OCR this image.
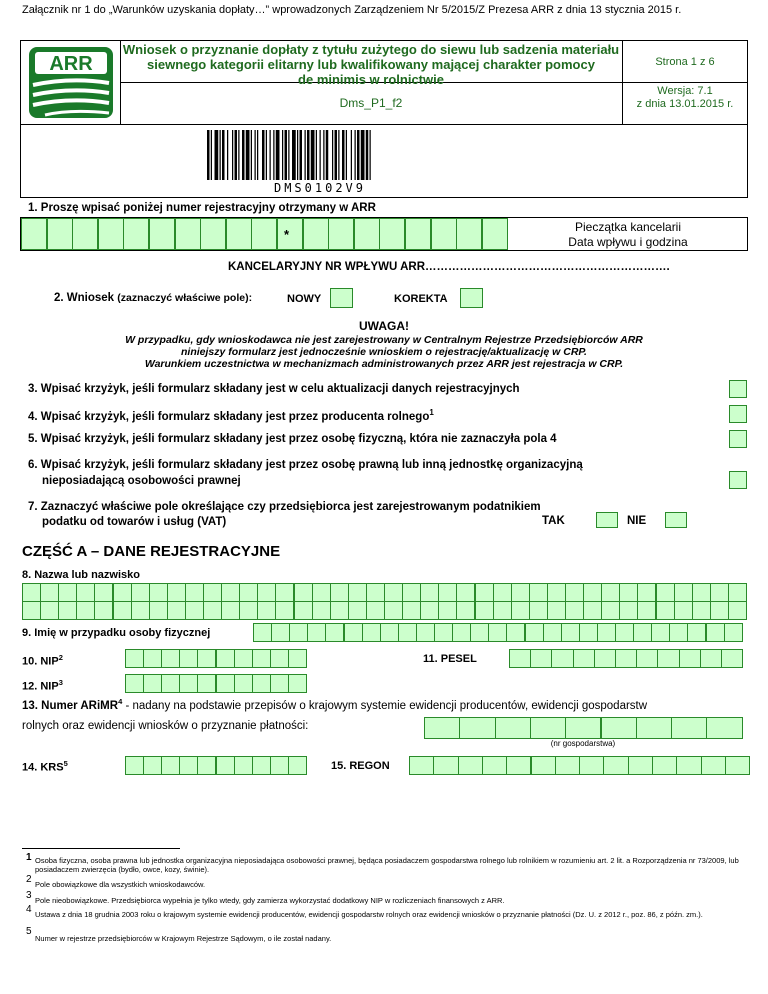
Załącznik nr 1 do „Warunków uzyskania dopłaty…” wprowadzonych Zarządzeniem Nr 5/2015/Z Prezesa ARR z dnia 13 stycznia 2015 r.
ARR
Wniosek o przyznanie dopłaty z tytułu zużytego do siewu lub sadzenia materiału
siewnego kategorii elitarny lub kwalifikowany mającej charakter pomocy
de minimis w rolnictwie
Strona 1 z 6
Dms_P1_f2
Wersja: 7.1
z dnia 13.01.2015 r.
DMS0102V9
1. Proszę wpisać poniżej numer rejestracyjny otrzymany w ARR
*	Pieczątka kancelarii
Data wpływu i godzina
KANCELARYJNY NR WPŁYWU ARR……………………………………………………….
2. Wniosek (zaznaczyć właściwe pole):	NOWY	KOREKTA
UWAGA!
W przypadku, gdy wnioskodawca nie jest zarejestrowany w Centralnym Rejestrze Przedsiębiorców ARR
niniejszy formularz jest jednocześnie wnioskiem o rejestrację/aktualizację w CRP.
Warunkiem uczestnictwa w mechanizmach administrowanych przez ARR jest rejestracja w CRP.
3. Wpisać krzyżyk, jeśli formularz składany jest w celu aktualizacji danych rejestracyjnych
4. Wpisać krzyżyk, jeśli formularz składany jest przez producenta rolnego$^1$
5. Wpisać krzyżyk, jeśli formularz składany jest przez osobę fizyczną, która nie zaznaczyła pola 4
6. Wpisać krzyżyk, jeśli formularz składany jest przez osobę prawną lub inną jednostkę organizacyjną
nieposiadającą osobowości prawnej
7. Zaznaczyć właściwe pole określające czy przedsiębiorca jest zarejestrowanym podatnikiem
podatku od towarów i usług (VAT)	TAK	NIE
CZĘŚĆ A – DANE REJESTRACYJNE
8. Nazwa lub nazwisko
9. Imię w przypadku osoby fizycznej
10. NIP$^2$	11. PESEL
12. NIP$^3$
13. Numer ARiMR$^4$ - nadany na podstawie przepisów o krajowym systemie ewidencji producentów, ewidencji gospodarstw
rolnych oraz ewidencji wniosków o przyznanie płatności:
(nr gospodarstwa)
14. KRS$^5$	15. REGON
1 Osoba fizyczna, osoba prawna lub jednostka organizacyjna nieposiadająca osobowości prawnej, będąca posiadaczem gospodarstwa rolnego lub rolnikiem w rozumieniu art. 2 lit. a Rozporządzenia nr 73/2009, lub posiadaczem zwierzęcia (bydło, owce, kozy, świnie).
2 Pole obowiązkowe dla wszystkich wnioskodawców.
3 Pole nieobowiązkowe. Przedsiębiorca wypełnia je tylko wtedy, gdy zamierza wykorzystać dodatkowy NIP w rozliczeniach finansowych z ARR.
4 Ustawa z dnia 18 grudnia 2003 roku o krajowym systemie ewidencji producentów, ewidencji gospodarstw rolnych oraz ewidencji wniosków o przyznanie płatności (Dz. U. z 2012 r., poz. 86, z późn. zm.).
5
Numer w rejestrze przedsiębiorców w Krajowym Rejestrze Sądowym, o ile został nadany.
